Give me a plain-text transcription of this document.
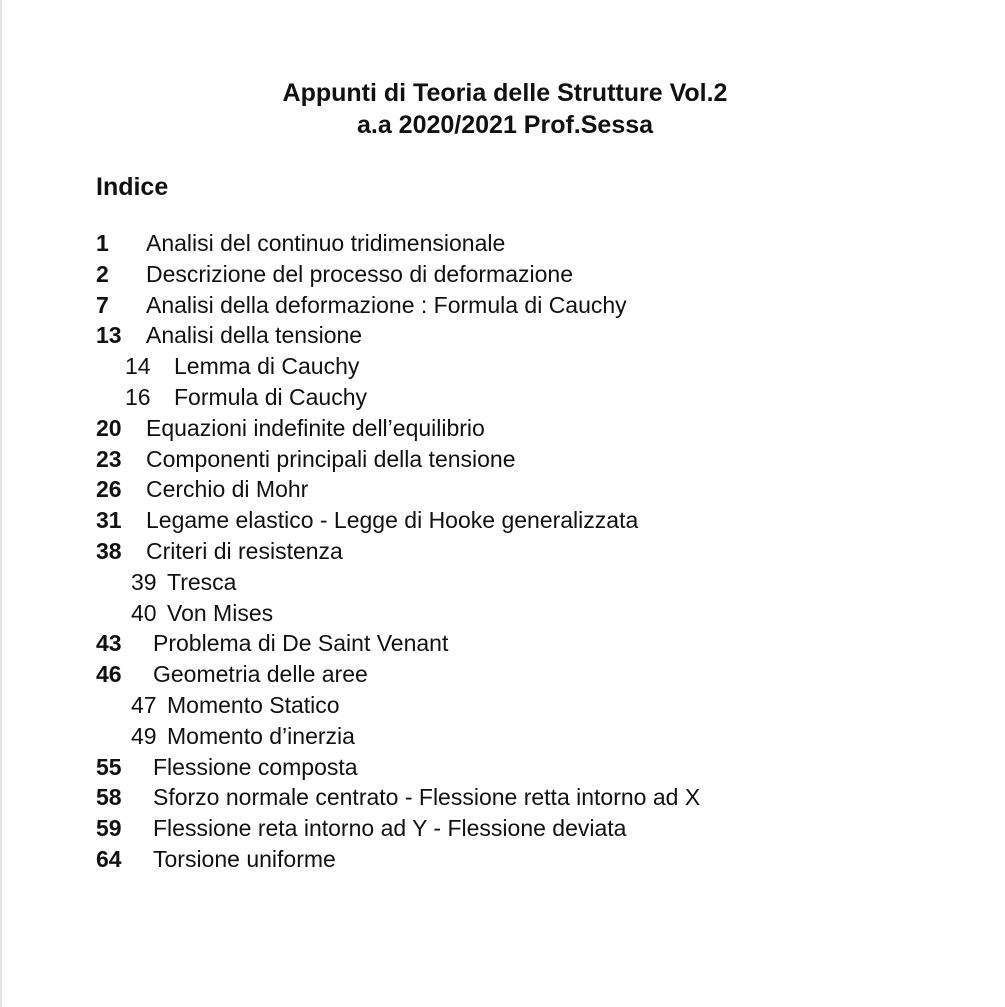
Appunti di Teoria delle Strutture Vol.2
a.a 2020/2021 Prof.Sessa
Indice
1 Analisi del continuo tridimensionale
2 Descrizione del processo di deformazione
7 Analisi della deformazione : Formula di Cauchy
13 Analisi della tensione
14 Lemma di Cauchy
16 Formula di Cauchy
20 Equazioni indefinite dell’equilibrio
23 Componenti principali della tensione
26 Cerchio di Mohr
31 Legame elastico - Legge di Hooke generalizzata
38 Criteri di resistenza
39 Tresca
40 Von Mises
43 Problema di De Saint Venant
46 Geometria delle aree
47 Momento Statico
49 Momento d’inerzia
55 Flessione composta
58 Sforzo normale centrato - Flessione retta intorno ad X
59 Flessione reta intorno ad Y - Flessione deviata
64 Torsione uniforme
